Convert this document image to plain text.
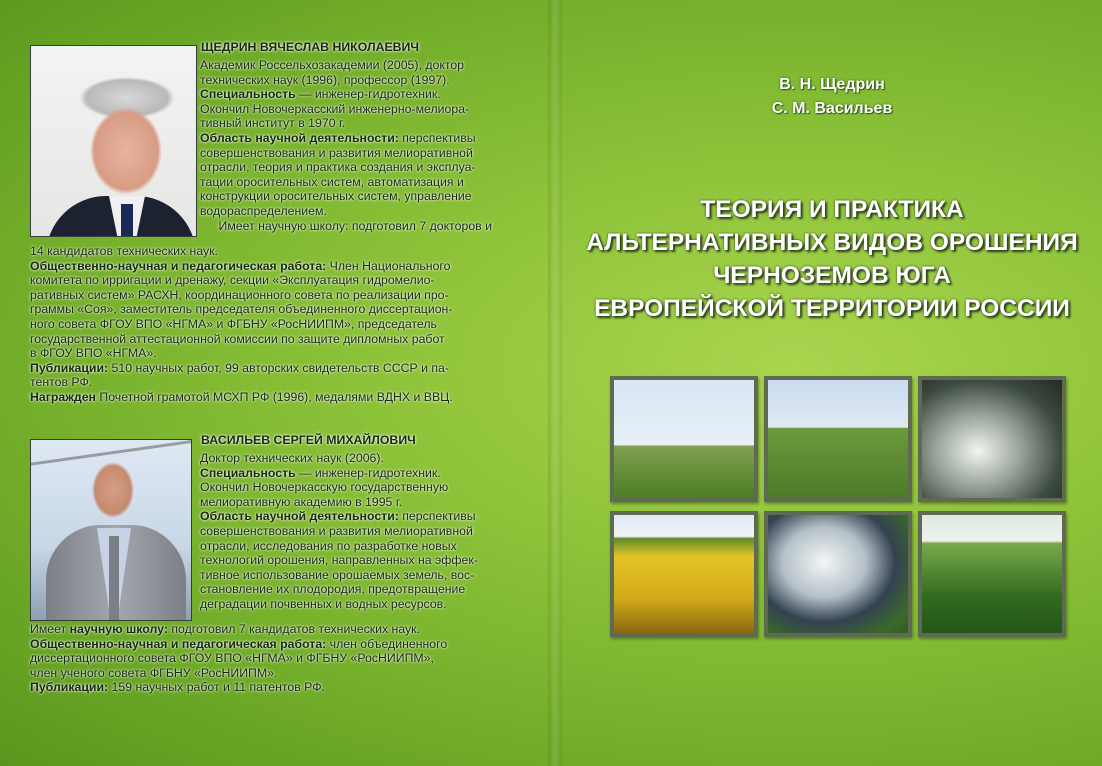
ЩЕДРИН ВЯЧЕСЛАВ НИКОЛАЕВИЧ

Академик Россельхозакадемии (2005), доктор

технических наук (1996), профессор (1997).

Специальность — инженер-гидротехник.

Окончил Новочеркасский инженерно-мелиора-

тивный институт в 1970 г.

Область научной деятельности: перспективы

совершенствования и развития мелиоративной

отрасли, теория и практика создания и эксплуа-

тации оросительных систем, автоматизация и

конструкции оросительных систем, управление

водораспределением.

Имеет научную школу: подготовил 7 докторов и

14 кандидатов технических наук.

Общественно-научная и педагогическая работа: Член Национального

комитета по ирригации и дренажу, секции «Эксплуатация гидромелио-

ративных систем» РАСХН, координационного совета по реализации про-

граммы «Соя», заместитель председателя объединенного диссертацион-

ного совета ФГОУ ВПО «НГМА» и ФГБНУ «РосНИИПМ», председатель

государственной аттестационной комиссии по защите дипломных работ

в ФГОУ ВПО «НГМА».

Публикации: 510 научных работ, 99 авторских свидетельств СССР и па-

тентов РФ.

Награжден Почетной грамотой МСХП РФ (1996), медалями ВДНХ и ВВЦ.

ВАСИЛЬЕВ СЕРГЕЙ МИХАЙЛОВИЧ

Доктор технических наук (2006).

Специальность — инженер-гидротехник.

Окончил Новочеркасскую государственную

мелиоративную академию в 1995 г.

Область научной деятельности: перспективы

совершенствования и развития мелиоративной

отрасли, исследования по разработке новых

технологий орошения, направленных на эффек-

тивное использование орошаемых земель, вос-

становление их плодородия, предотвращение

деградации почвенных и водных ресурсов.

Имеет научную школу: подготовил 7 кандидатов технических наук.

Общественно-научная и педагогическая работа: член объединенного

диссертационного совета ФГОУ ВПО «НГМА» и ФГБНУ «РосНИИПМ»,

член ученого совета ФГБНУ «РосНИИПМ».

Публикации: 159 научных работ и 11 патентов РФ.

В. Н. Щедрин
С. М. Васильев

ТЕОРИЯ И ПРАКТИКА

АЛЬТЕРНАТИВНЫХ ВИДОВ ОРОШЕНИЯ

ЧЕРНОЗЕМОВ ЮГА

ЕВРОПЕЙСКОЙ ТЕРРИТОРИИ РОССИИ
